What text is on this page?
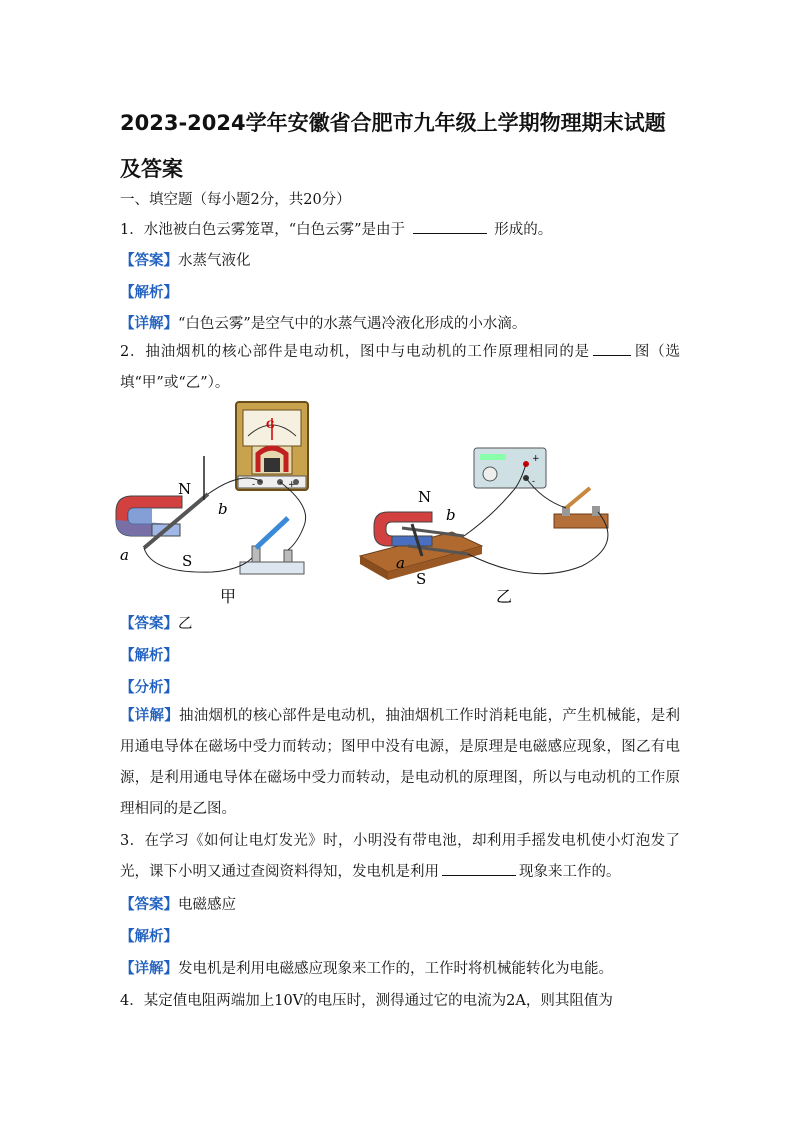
2023-2024学年安徽省合肥市九年级上学期物理期末试题及答案
一、填空题（每小题2分，共20分）
1．水池被白色云雾笼罩，“白色云雾”是由于	形成的。
【答案】水蒸气液化
【解析】
【详解】“白色云雾”是空气中的水蒸气遇冷液化形成的小水滴。
2．抽油烟机的核心部件是电动机，图中与电动机的工作原理相同的是	图（选填“甲”或“乙”）。
G
-	+
N
S
a
b
甲
+
-
N
S
a
b
乙
【答案】乙
【解析】
【分析】
【详解】抽油烟机的核心部件是电动机，抽油烟机工作时消耗电能，产生机械能，是利用通电导体在磁场中受力而转动；图甲中没有电源，是原理是电磁感应现象，图乙有电源，是利用通电导体在磁场中受力而转动，是电动机的原理图，所以与电动机的工作原理相同的是乙图。
3．在学习《如何让电灯发光》时，小明没有带电池，却利用手摇发电机使小灯泡发了光，课下小明又通过查阅资料得知，发电机是利用	现象来工作的。
【答案】电磁感应
【解析】
【详解】发电机是利用电磁感应现象来工作的，工作时将机械能转化为电能。
4．某定值电阻两端加上10V的电压时，测得通过它的电流为2A，则其阻值为
